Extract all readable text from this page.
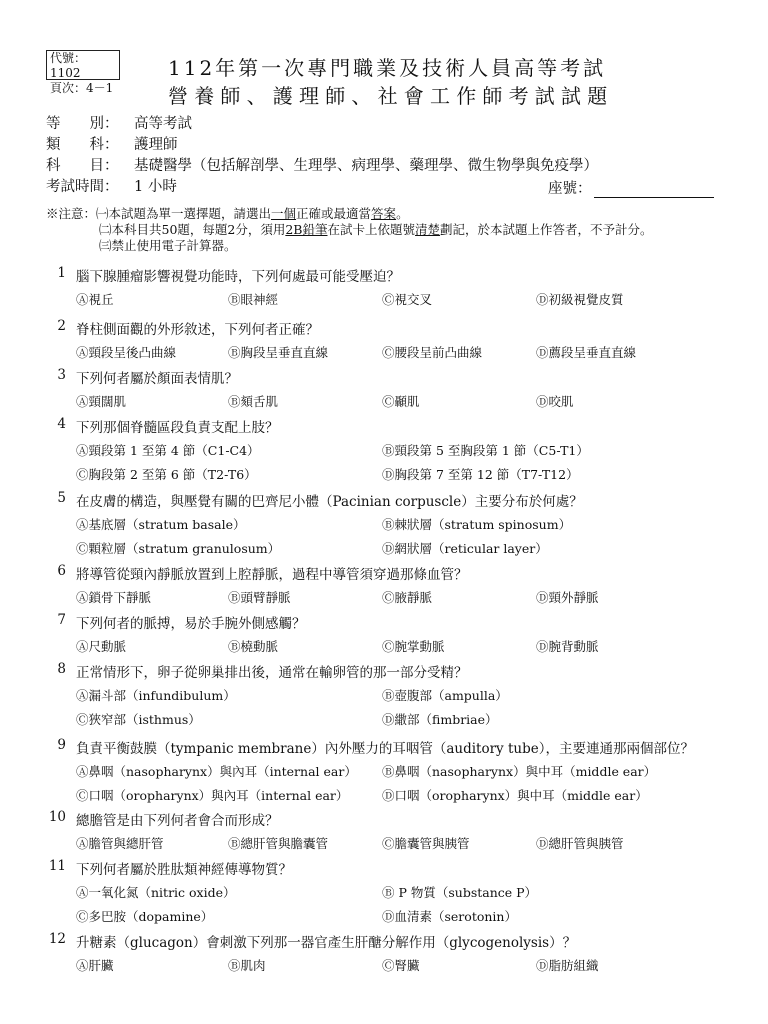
代號：1102
頁次：4－1
112年第一次專門職業及技術人員高等考試
營養師、護理師、社會工作師考試試題
等　　別： 高等考試
類　　科： 護理師
科　　目： 基礎醫學（包括解剖學、生理學、病理學、藥理學、微生物學與免疫學）
考試時間： 1 小時	座號：
※注意：㈠本試題為單一選擇題，請選出一個正確或最適當答案。
㈡本科目共50題，每題2分，須用2B鉛筆在試卡上依題號清楚劃記，於本試題上作答者，不予計分。
㈢禁止使用電子計算器。
1 腦下腺腫瘤影響視覺功能時，下列何處最可能受壓迫？
Ⓐ視丘	Ⓑ眼神經	Ⓒ視交叉	Ⓓ初級視覺皮質
2 脊柱側面觀的外形敘述，下列何者正確？
Ⓐ頸段呈後凸曲線	Ⓑ胸段呈垂直直線	Ⓒ腰段呈前凸曲線	Ⓓ薦段呈垂直直線
3 下列何者屬於顏面表情肌？
Ⓐ頸闊肌	Ⓑ頦舌肌	Ⓒ顳肌	Ⓓ咬肌
4 下列那個脊髓區段負責支配上肢？
Ⓐ頸段第 1 至第 4 節（C1-C4）	Ⓑ頸段第 5 至胸段第 1 節（C5-T1）
Ⓒ胸段第 2 至第 6 節（T2-T6）	Ⓓ胸段第 7 至第 12 節（T7-T12）
5 在皮膚的構造，與壓覺有關的巴齊尼小體（Pacinian corpuscle）主要分布於何處？
Ⓐ基底層（stratum basale）	Ⓑ棘狀層（stratum spinosum）
Ⓒ顆粒層（stratum granulosum）	Ⓓ網狀層（reticular layer）
6 將導管從頸內靜脈放置到上腔靜脈，過程中導管須穿過那條血管？
Ⓐ鎖骨下靜脈	Ⓑ頭臂靜脈	Ⓒ腋靜脈	Ⓓ頸外靜脈
7 下列何者的脈搏，易於手腕外側感觸？
Ⓐ尺動脈	Ⓑ橈動脈	Ⓒ腕掌動脈	Ⓓ腕背動脈
8 正常情形下，卵子從卵巢排出後，通常在輸卵管的那一部分受精？
Ⓐ漏斗部（infundibulum）	Ⓑ壺腹部（ampulla）
Ⓒ狹窄部（isthmus）	Ⓓ繖部（fimbriae）
9 負責平衡鼓膜（tympanic membrane）內外壓力的耳咽管（auditory tube），主要連通那兩個部位？
Ⓐ鼻咽（nasopharynx）與內耳（internal ear） Ⓑ鼻咽（nasopharynx）與中耳（middle ear）
Ⓒ口咽（oropharynx）與內耳（internal ear）	Ⓓ口咽（oropharynx）與中耳（middle ear）
10 總膽管是由下列何者會合而形成？
Ⓐ膽管與總肝管	Ⓑ總肝管與膽囊管	Ⓒ膽囊管與胰管	Ⓓ總肝管與胰管
11 下列何者屬於胜肽類神經傳導物質？
Ⓐ一氧化氮（nitric oxide）	Ⓑ P 物質（substance P）
Ⓒ多巴胺（dopamine）	Ⓓ血清素（serotonin）
12 升糖素（glucagon）會刺激下列那一器官產生肝醣分解作用（glycogenolysis）？
Ⓐ肝臟	Ⓑ肌肉	Ⓒ腎臟	Ⓓ脂肪組織
